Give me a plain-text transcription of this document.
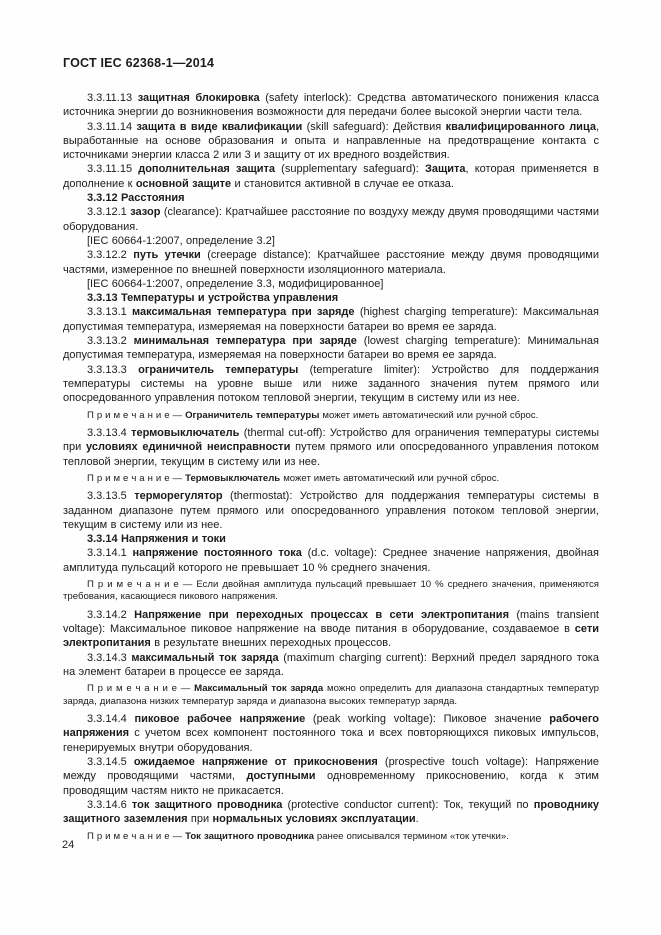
ГОСТ IEC 62368-1—2014

3.3.11.13 защитная блокировка (safety interlock): Средства автоматического понижения класса источника энергии до возникновения возможности для передачи более высокой энергии части тела.

3.3.11.14 защита в виде квалификации (skill safeguard): Действия квалифицированного лица, выработанные на основе образования и опыта и направленные на предотвращение контакта с источниками энергии класса 2 или 3 и защиту от их вредного воздействия.

3.3.11.15 дополнительная защита (supplementary safeguard): Защита, которая применяется в дополнение к основной защите и становится активной в случае ее отказа.

3.3.12 Расстояния

3.3.12.1 зазор (clearance): Кратчайшее расстояние по воздуху между двумя проводящими частями оборудования.

[IEC 60664-1:2007, определение 3.2]

3.3.12.2 путь утечки (creepage distance): Кратчайшее расстояние между двумя проводящими частями, измеренное по внешней поверхности изоляционного материала.

[IEC 60664-1:2007, определение 3.3, модифицированное]

3.3.13 Температуры и устройства управления

3.3.13.1 максимальная температура при заряде (highest charging temperature): Максимальная допустимая температура, измеряемая на поверхности батареи во время ее заряда.

3.3.13.2 минимальная температура при заряде (lowest charging temperature): Минимальная допустимая температура, измеряемая на поверхности батареи во время ее заряда.

3.3.13.3 ограничитель температуры (temperature limiter): Устройство для поддержания температуры системы на уровне выше или ниже заданного значения путем прямого или опосредованного управления потоком тепловой энергии, текущим в систему или из нее.

П р и м е ч а н и е — Ограничитель температуры может иметь автоматический или ручной сброс.

3.3.13.4 термовыключатель (thermal cut-off): Устройство для ограничения температуры системы при условиях единичной неисправности путем прямого или опосредованного управления потоком тепловой энергии, текущим в систему или из нее.

П р и м е ч а н и е — Термовыключатель может иметь автоматический или ручной сброс.

3.3.13.5 терморегулятор (thermostat): Устройство для поддержания температуры системы в заданном диапазоне путем прямого или опосредованного управления потоком тепловой энергии, текущим в систему или из нее.

3.3.14 Напряжения и токи

3.3.14.1 напряжение постоянного тока (d.c. voltage): Среднее значение напряжения, двойная амплитуда пульсаций которого не превышает 10 % среднего значения.

П р и м е ч а н и е — Если двойная амплитуда пульсаций превышает 10 % среднего значения, применяются требования, касающиеся пикового напряжения.

3.3.14.2 Напряжение при переходных процессах в сети электропитания (mains transient voltage): Максимальное пиковое напряжение на вводе питания в оборудование, создаваемое в сети электропитания в результате внешних переходных процессов.

3.3.14.3 максимальный ток заряда (maximum charging current): Верхний предел зарядного тока на элемент батареи в процессе ее заряда.

П р и м е ч а н и е — Максимальный ток заряда можно определить для диапазона стандартных температур заряда, диапазона низких температур заряда и диапазона высоких температур заряда.

3.3.14.4 пиковое рабочее напряжение (peak working voltage): Пиковое значение рабочего напряжения с учетом всех компонент постоянного тока и всех повторяющихся пиковых импульсов, генерируемых внутри оборудования.

3.3.14.5 ожидаемое напряжение от прикосновения (prospective touch voltage): Напряжение между проводящими частями, доступными одновременному прикосновению, когда к этим проводящим частям никто не прикасается.

3.3.14.6 ток защитного проводника (protective conductor current): Ток, текущий по проводнику защитного заземления при нормальных условиях эксплуатации.

П р и м е ч а н и е — Ток защитного проводника ранее описывался термином «ток утечки».

24
